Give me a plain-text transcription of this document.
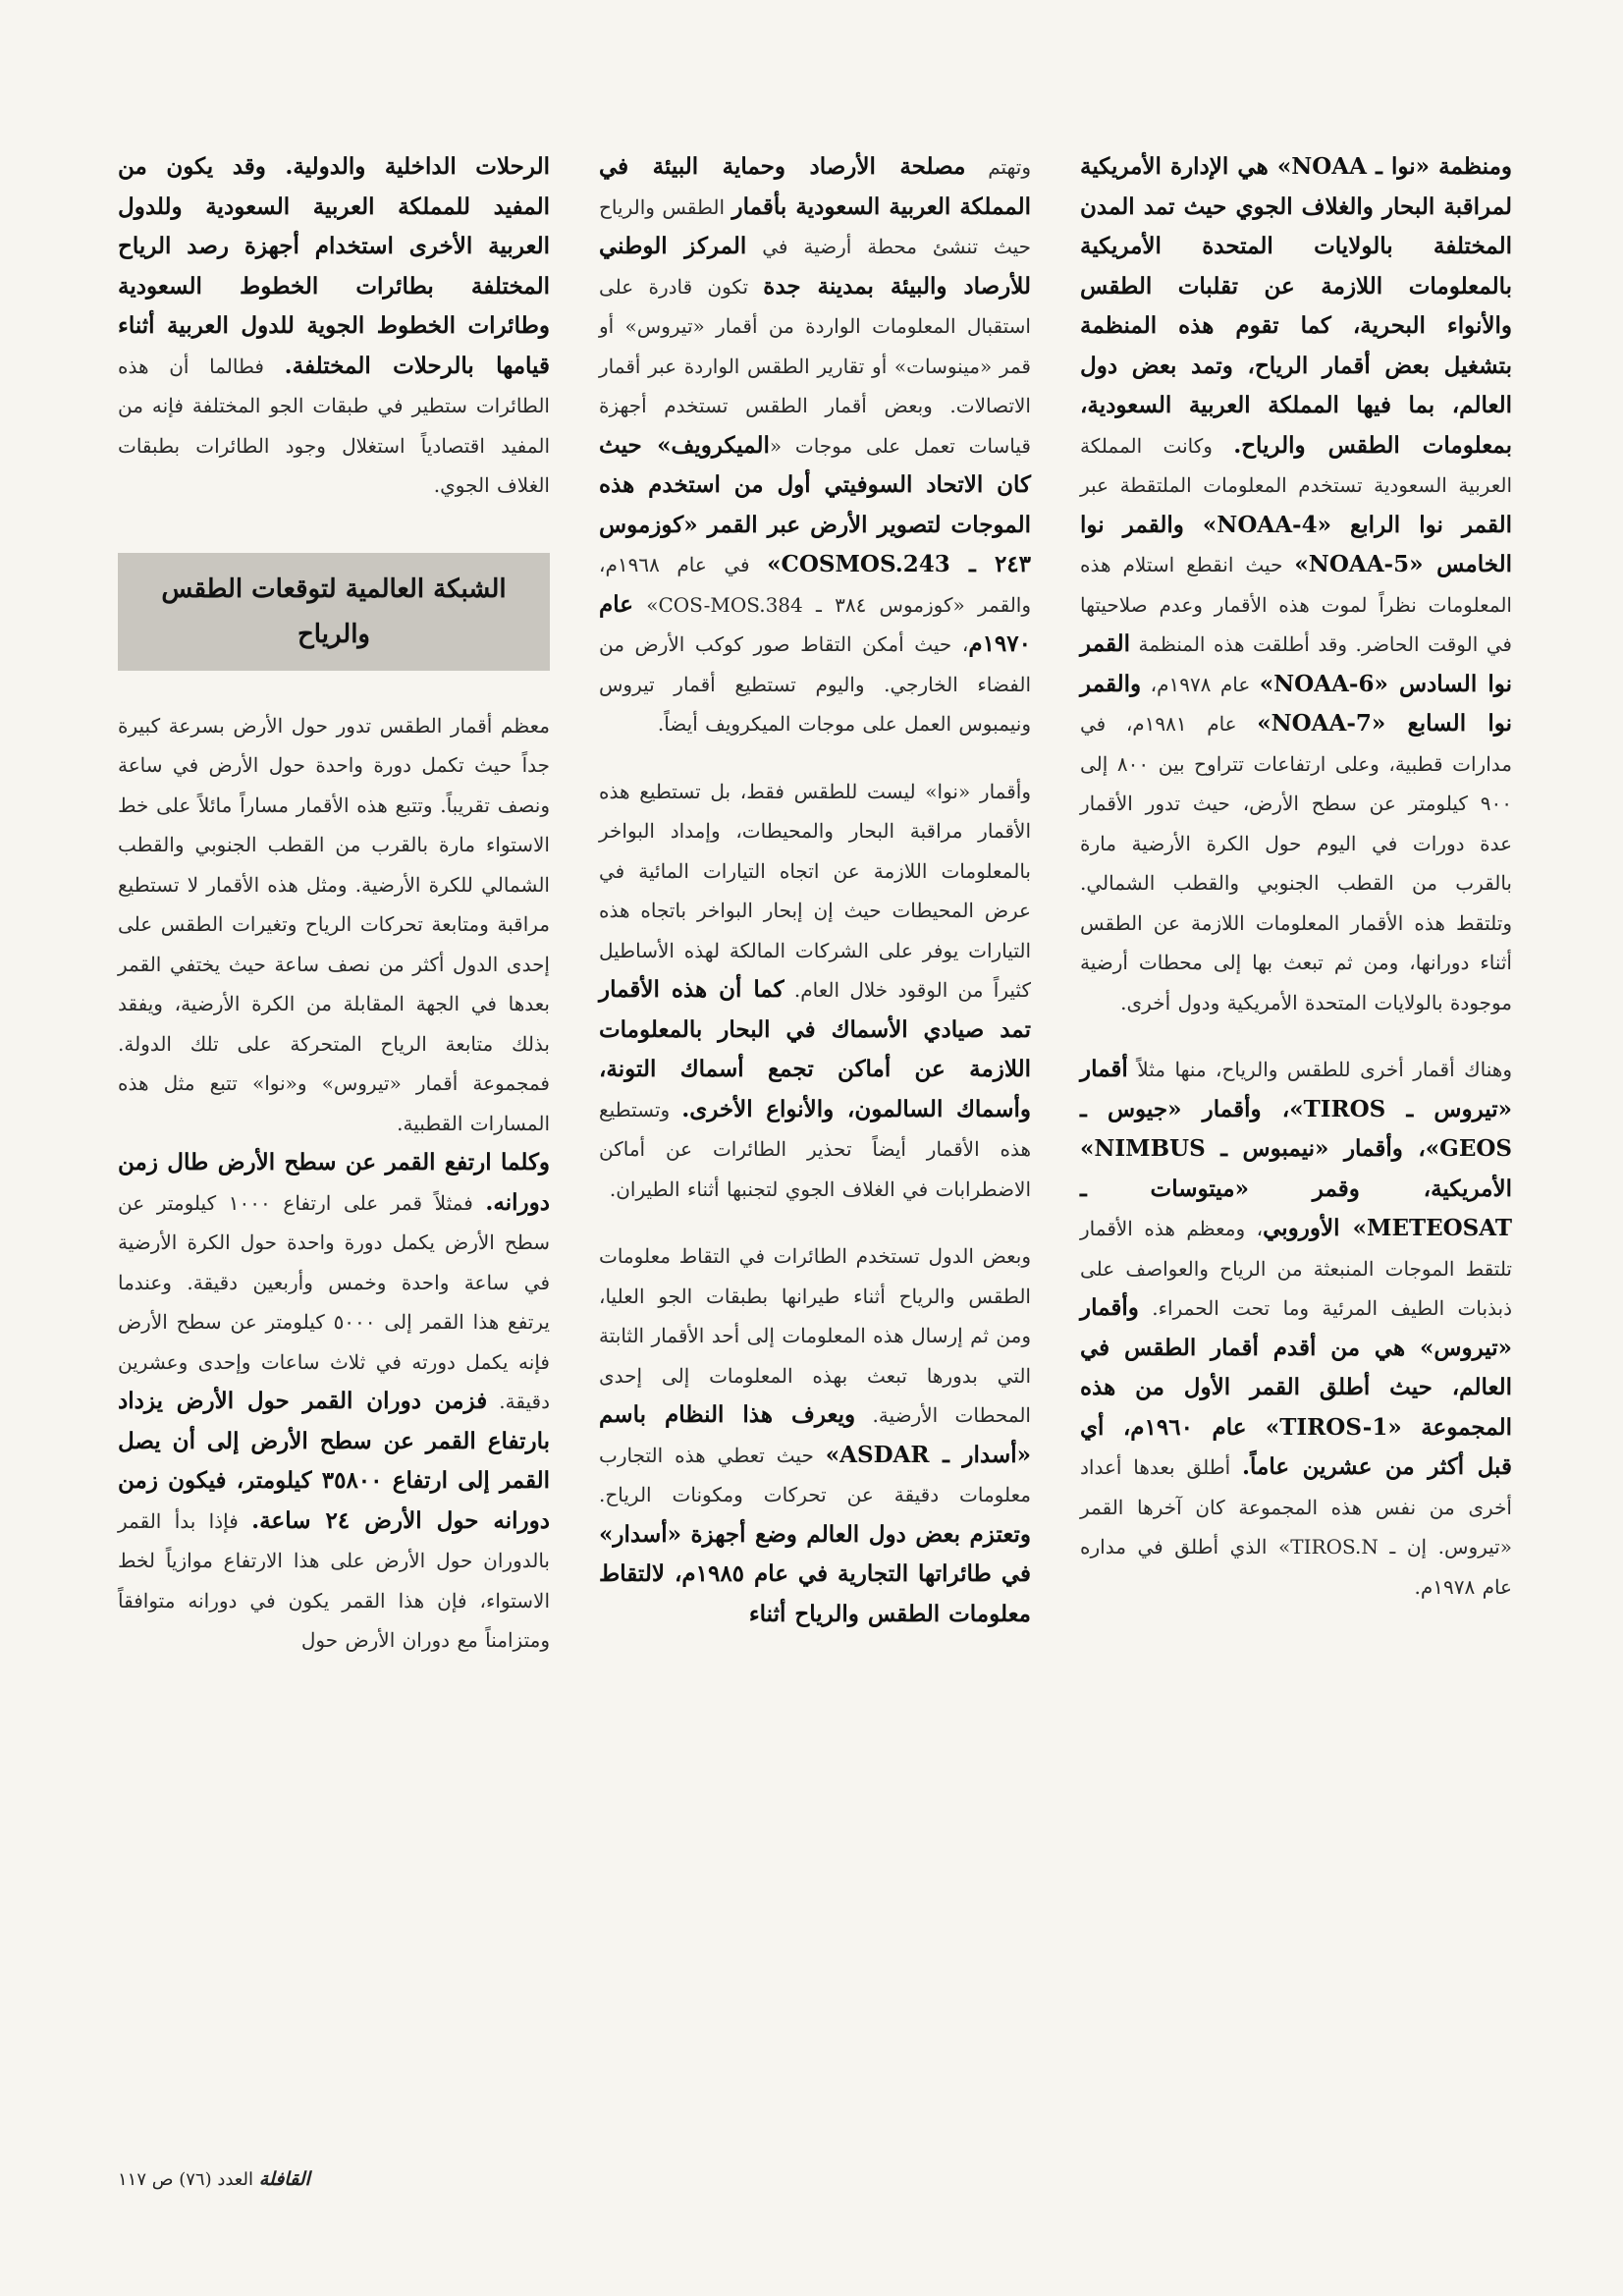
ومنظمة «نوا ـ NOAA» هي الإدارة الأمريكية لمراقبة البحار والغلاف الجوي حيث تمد المدن المختلفة بالولايات المتحدة الأمريكية بالمعلومات اللازمة عن تقلبات الطقس والأنواء البحرية، كما تقوم هذه المنظمة بتشغيل بعض أقمار الرياح، وتمد بعض دول العالم، بما فيها المملكة العربية السعودية، بمعلومات الطقس والرياح. وكانت المملكة العربية السعودية تستخدم المعلومات الملتقطة عبر القمر نوا الرابع «NOAA-4» والقمر نوا الخامس «NOAA-5» حيث انقطع استلام هذه المعلومات نظراً لموت هذه الأقمار وعدم صلاحيتها في الوقت الحاضر. وقد أطلقت هذه المنظمة القمر نوا السادس «NOAA-6» عام ١٩٧٨م، والقمر نوا السابع «NOAA-7» عام ١٩٨١م، في مدارات قطبية، وعلى ارتفاعات تتراوح بين ٨٠٠ إلى ٩٠٠ كيلومتر عن سطح الأرض، حيث تدور الأقمار عدة دورات في اليوم حول الكرة الأرضية مارة بالقرب من القطب الجنوبي والقطب الشمالي. وتلتقط هذه الأقمار المعلومات اللازمة عن الطقس أثناء دورانها، ومن ثم تبعث بها إلى محطات أرضية موجودة بالولايات المتحدة الأمريكية ودول أخرى.

وهناك أقمار أخرى للطقس والرياح، منها مثلاً أقمار «تيروس ـ TIROS»، وأقمار «جيوس ـ GEOS»، وأقمار «نيمبوس ـ NIMBUS» الأمريكية، وقمر «ميتوسات ـ METEOSAT» الأوروبي، ومعظم هذه الأقمار تلتقط الموجات المنبعثة من الرياح والعواصف على ذبذبات الطيف المرئية وما تحت الحمراء. وأقمار «تيروس» هي من أقدم أقمار الطقس في العالم، حيث أطلق القمر الأول من هذه المجموعة «TIROS-1» عام ١٩٦٠م، أي قبل أكثر من عشرين عاماً. أطلق بعدها أعداد أخرى من نفس هذه المجموعة كان آخرها القمر «تيروس. إن ـ TIROS.N» الذي أطلق في مداره عام ١٩٧٨م.

وتهتم مصلحة الأرصاد وحماية البيئة في المملكة العربية السعودية بأقمار الطقس والرياح حيث تنشئ محطة أرضية في المركز الوطني للأرصاد والبيئة بمدينة جدة تكون قادرة على استقبال المعلومات الواردة من أقمار «تيروس» أو قمر «مينوسات» أو تقارير الطقس الواردة عبر أقمار الاتصالات. وبعض أقمار الطقس تستخدم أجهزة قياسات تعمل على موجات «الميكرويف» حيث كان الاتحاد السوفيتي أول من استخدم هذه الموجات لتصوير الأرض عبر القمر «كوزموس ٢٤٣ ـ COSMOS.243» في عام ١٩٦٨م، والقمر «كوزموس ٣٨٤ ـ COS-MOS.384» عام ١٩٧٠م، حيث أمكن التقاط صور كوكب الأرض من الفضاء الخارجي. واليوم تستطيع أقمار تيروس ونيمبوس العمل على موجات الميكرويف أيضاً.

وأقمار «نوا» ليست للطقس فقط، بل تستطيع هذه الأقمار مراقبة البحار والمحيطات، وإمداد البواخر بالمعلومات اللازمة عن اتجاه التيارات المائية في عرض المحيطات حيث إن إبحار البواخر باتجاه هذه التيارات يوفر على الشركات المالكة لهذه الأساطيل كثيراً من الوقود خلال العام. كما أن هذه الأقمار تمد صيادي الأسماك في البحار بالمعلومات اللازمة عن أماكن تجمع أسماك التونة، وأسماك السالمون، والأنواع الأخرى. وتستطيع هذه الأقمار أيضاً تحذير الطائرات عن أماكن الاضطرابات في الغلاف الجوي لتجنبها أثناء الطيران.

وبعض الدول تستخدم الطائرات في التقاط معلومات الطقس والرياح أثناء طيرانها بطبقات الجو العليا، ومن ثم إرسال هذه المعلومات إلى أحد الأقمار الثابتة التي بدورها تبعث بهذه المعلومات إلى إحدى المحطات الأرضية. ويعرف هذا النظام باسم «أسدار ـ ASDAR» حيث تعطي هذه التجارب معلومات دقيقة عن تحركات ومكونات الرياح. وتعتزم بعض دول العالم وضع أجهزة «أسدار» في طائراتها التجارية في عام ١٩٨٥م، لالتقاط معلومات الطقس والرياح أثناء

الرحلات الداخلية والدولية. وقد يكون من المفيد للمملكة العربية السعودية وللدول العربية الأخرى استخدام أجهزة رصد الرياح المختلفة بطائرات الخطوط السعودية وطائرات الخطوط الجوية للدول العربية أثناء قيامها بالرحلات المختلفة. فطالما أن هذه الطائرات ستطير في طبقات الجو المختلفة فإنه من المفيد اقتصادياً استغلال وجود الطائرات بطبقات الغلاف الجوي.

الشبكة العالمية لتوقعات الطقس والرياح

معظم أقمار الطقس تدور حول الأرض بسرعة كبيرة جداً حيث تكمل دورة واحدة حول الأرض في ساعة ونصف تقريباً. وتتبع هذه الأقمار مساراً مائلاً على خط الاستواء مارة بالقرب من القطب الجنوبي والقطب الشمالي للكرة الأرضية. ومثل هذه الأقمار لا تستطيع مراقبة ومتابعة تحركات الرياح وتغيرات الطقس على إحدى الدول أكثر من نصف ساعة حيث يختفي القمر بعدها في الجهة المقابلة من الكرة الأرضية، ويفقد بذلك متابعة الرياح المتحركة على تلك الدولة. فمجموعة أقمار «تيروس» و«نوا» تتبع مثل هذه المسارات القطبية.

وكلما ارتفع القمر عن سطح الأرض طال زمن دورانه. فمثلاً قمر على ارتفاع ١٠٠٠ كيلومتر عن سطح الأرض يكمل دورة واحدة حول الكرة الأرضية في ساعة واحدة وخمس وأربعين دقيقة. وعندما يرتفع هذا القمر إلى ٥٠٠٠ كيلومتر عن سطح الأرض فإنه يكمل دورته في ثلاث ساعات وإحدى وعشرين دقيقة. فزمن دوران القمر حول الأرض يزداد بارتفاع القمر عن سطح الأرض إلى أن يصل القمر إلى ارتفاع ٣٥٨٠٠ كيلومتر، فيكون زمن دورانه حول الأرض ٢٤ ساعة. فإذا بدأ القمر بالدوران حول الأرض على هذا الارتفاع موازياً لخط الاستواء، فإن هذا القمر يكون في دورانه متوافقاً ومتزامناً مع دوران الأرض حول

القافلة العدد (٧٦) ص ١١٧
